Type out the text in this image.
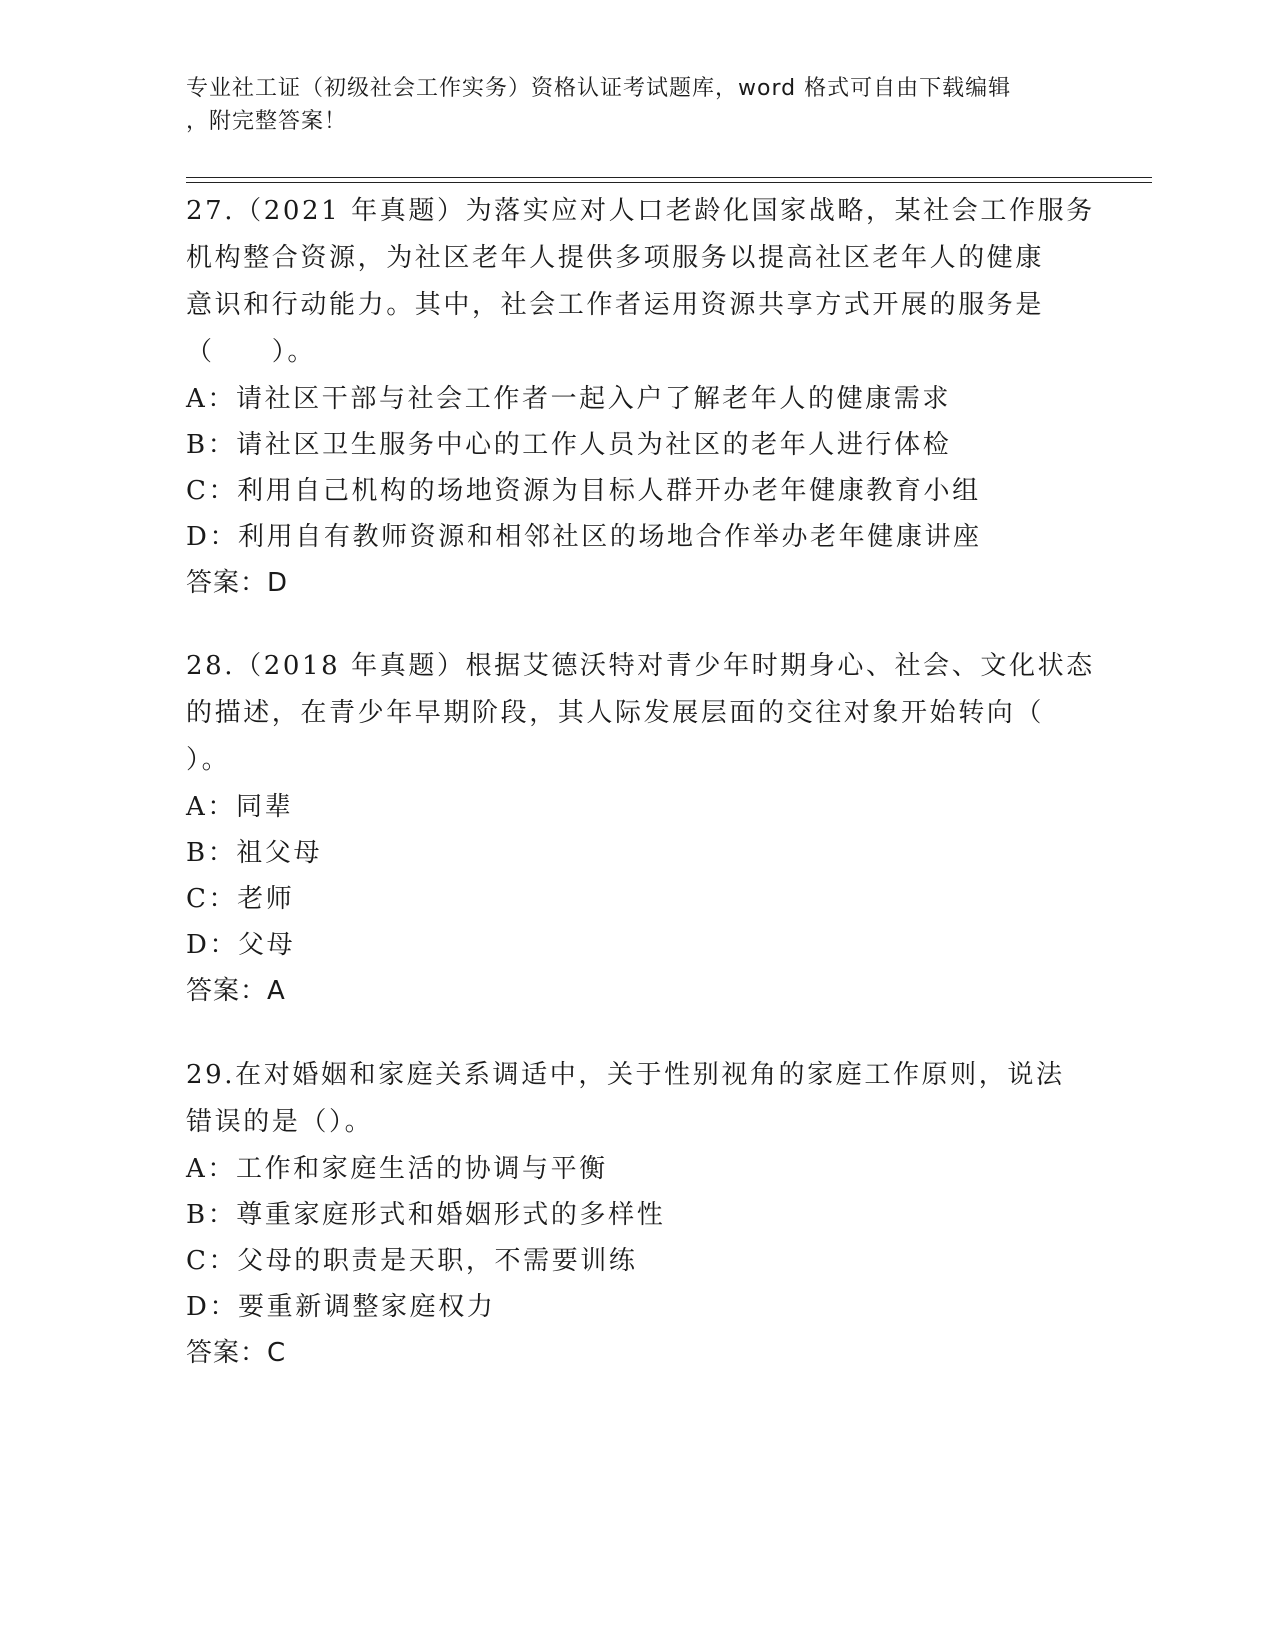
专业社工证（初级社会工作实务）资格认证考试题库，word 格式可自由下载编辑
，附完整答案！
27.（2021 年真题）为落实应对人口老龄化国家战略，某社会工作服务
机构整合资源，为社区老年人提供多项服务以提高社区老年人的健康
意识和行动能力。其中，社会工作者运用资源共享方式开展的服务是
（　　）。
A：请社区干部与社会工作者一起入户了解老年人的健康需求
B：请社区卫生服务中心的工作人员为社区的老年人进行体检
C：利用自己机构的场地资源为目标人群开办老年健康教育小组
D：利用自有教师资源和相邻社区的场地合作举办老年健康讲座
答案：D
28.（2018 年真题）根据艾德沃特对青少年时期身心、社会、文化状态
的描述，在青少年早期阶段，其人际发展层面的交往对象开始转向（
）。
A：同辈
B：祖父母
C：老师
D：父母
答案：A
29.在对婚姻和家庭关系调适中，关于性别视角的家庭工作原则，说法
错误的是（）。
A：工作和家庭生活的协调与平衡
B：尊重家庭形式和婚姻形式的多样性
C：父母的职责是天职，不需要训练
D：要重新调整家庭权力
答案：C
